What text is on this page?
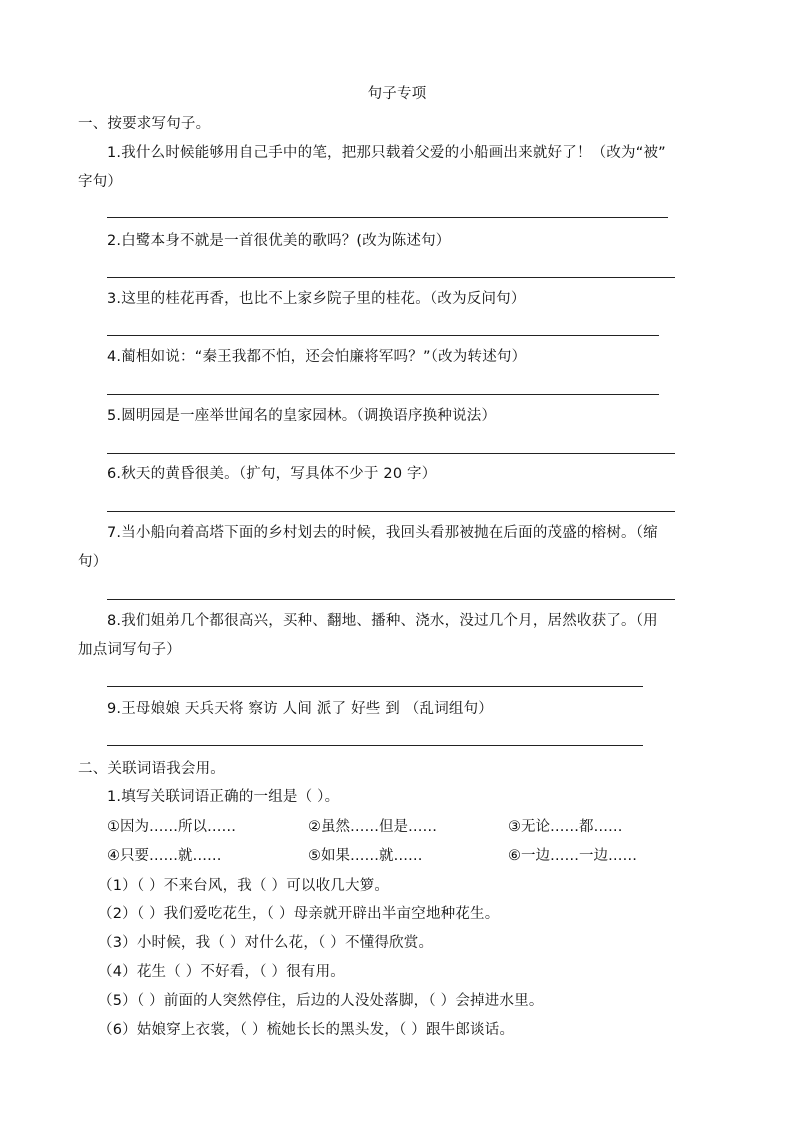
句子专项
一、按要求写句子。
1.我什么时候能够用自己手中的笔，把那只载着父爱的小船画出来就好了！（改为“被”
字句）
2.白鹭本身不就是一首很优美的歌吗？(改为陈述句）
3.这里的桂花再香，也比不上家乡院子里的桂花。（改为反问句）
4.蔺相如说：“秦王我都不怕，还会怕廉将军吗？”（改为转述句）
5.圆明园是一座举世闻名的皇家园林。（调换语序换种说法）
6.秋天的黄昏很美。（扩句，写具体不少于 20 字）
7.当小船向着高塔下面的乡村划去的时候，我回头看那被抛在后面的茂盛的榕树。（缩
句）
8.我们姐弟几个都很高兴，买种、翻地、播种、浇水，没过几个月，居然收获了。（用
加点词写句子）
9.王母娘娘 天兵天将 察访 人间 派了 好些 到 （乱词组句）
二、关联词语我会用。
1.填写关联词语正确的一组是（ ）。
①因为……所以……	②虽然……但是……	③无论……都……
④只要……就……	⑤如果……就……	⑥一边……一边……
（1）（ ）不来台风，我（ ）可以收几大箩。
（2）（ ）我们爱吃花生，（ ）母亲就开辟出半亩空地种花生。
（3）小时候，我（ ）对什么花，（ ）不懂得欣赏。
（4）花生（ ）不好看，（ ）很有用。
（5）（ ）前面的人突然停住，后边的人没处落脚，（ ）会掉进水里。
（6）姑娘穿上衣裳，（ ）梳她长长的黑头发，（ ）跟牛郎谈话。
